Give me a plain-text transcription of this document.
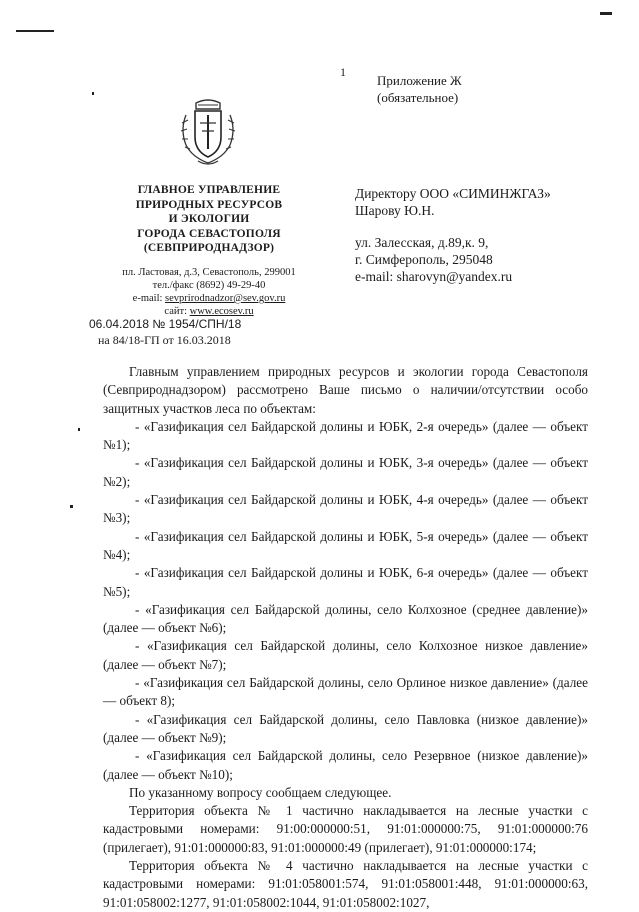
1
Приложение Ж
(обязательное)
ГЛАВНОЕ УПРАВЛЕНИЕ
ПРИРОДНЫХ РЕСУРСОВ
И ЭКОЛОГИИ
ГОРОДА СЕВАСТОПОЛЯ
(СЕВПРИРОДНАДЗОР)
пл. Ластовая, д.3, Севастополь, 299001
тел./факс (8692) 49-29-40
e-mail: sevprirodnadzor@sev.gov.ru
сайт: www.ecosev.ru
06.04.2018 № 1954/СПН/18
на 84/18-ГП от 16.03.2018
Директору ООО «СИМИНЖГАЗ»
Шарову Ю.Н.
ул. Залесская, д.89,к. 9,
г. Симферополь, 295048
e-mail: sharovyn@yandex.ru

Главным управлением природных ресурсов и экологии города Севастополя (Севприроднадзором) рассмотрено Ваше письмо о наличии/отсутствии особо защитных участков леса по объектам:

- «Газификация сел Байдарской долины и ЮБК, 2-я очередь» (далее — объект №1);

- «Газификация сел Байдарской долины и ЮБК, 3-я очередь» (далее — объект №2);

- «Газификация сел Байдарской долины и ЮБК, 4-я очередь» (далее — объект №3);

- «Газификация сел Байдарской долины и ЮБК, 5-я очередь» (далее — объект №4);

- «Газификация сел Байдарской долины и ЮБК, 6-я очередь» (далее — объект №5);

- «Газификация сел Байдарской долины, село Колхозное (среднее давление)» (далее — объект №6);

- «Газификация сел Байдарской долины, село Колхозное низкое давление» (далее — объект №7);

- «Газификация сел Байдарской долины, село Орлиное низкое давление» (далее — объект 8);

- «Газификация сел Байдарской долины, село Павловка (низкое давление)» (далее — объект №9);

- «Газификация сел Байдарской долины, село Резервное (низкое давление)» (далее — объект №10);

По указанному вопросу сообщаем следующее.

Территория объекта № 1 частично накладывается на лесные участки с кадастровыми номерами: 91:00:000000:51, 91:01:000000:75, 91:01:000000:76 (прилегает), 91:01:000000:83, 91:01:000000:49 (прилегает), 91:01:000000:174;

Территория объекта № 4 частично накладывается на лесные участки с кадастровыми номерами: 91:01:058001:574, 91:01:058001:448, 91:01:000000:63, 91:01:058002:1277, 91:01:058002:1044, 91:01:058002:1027,
